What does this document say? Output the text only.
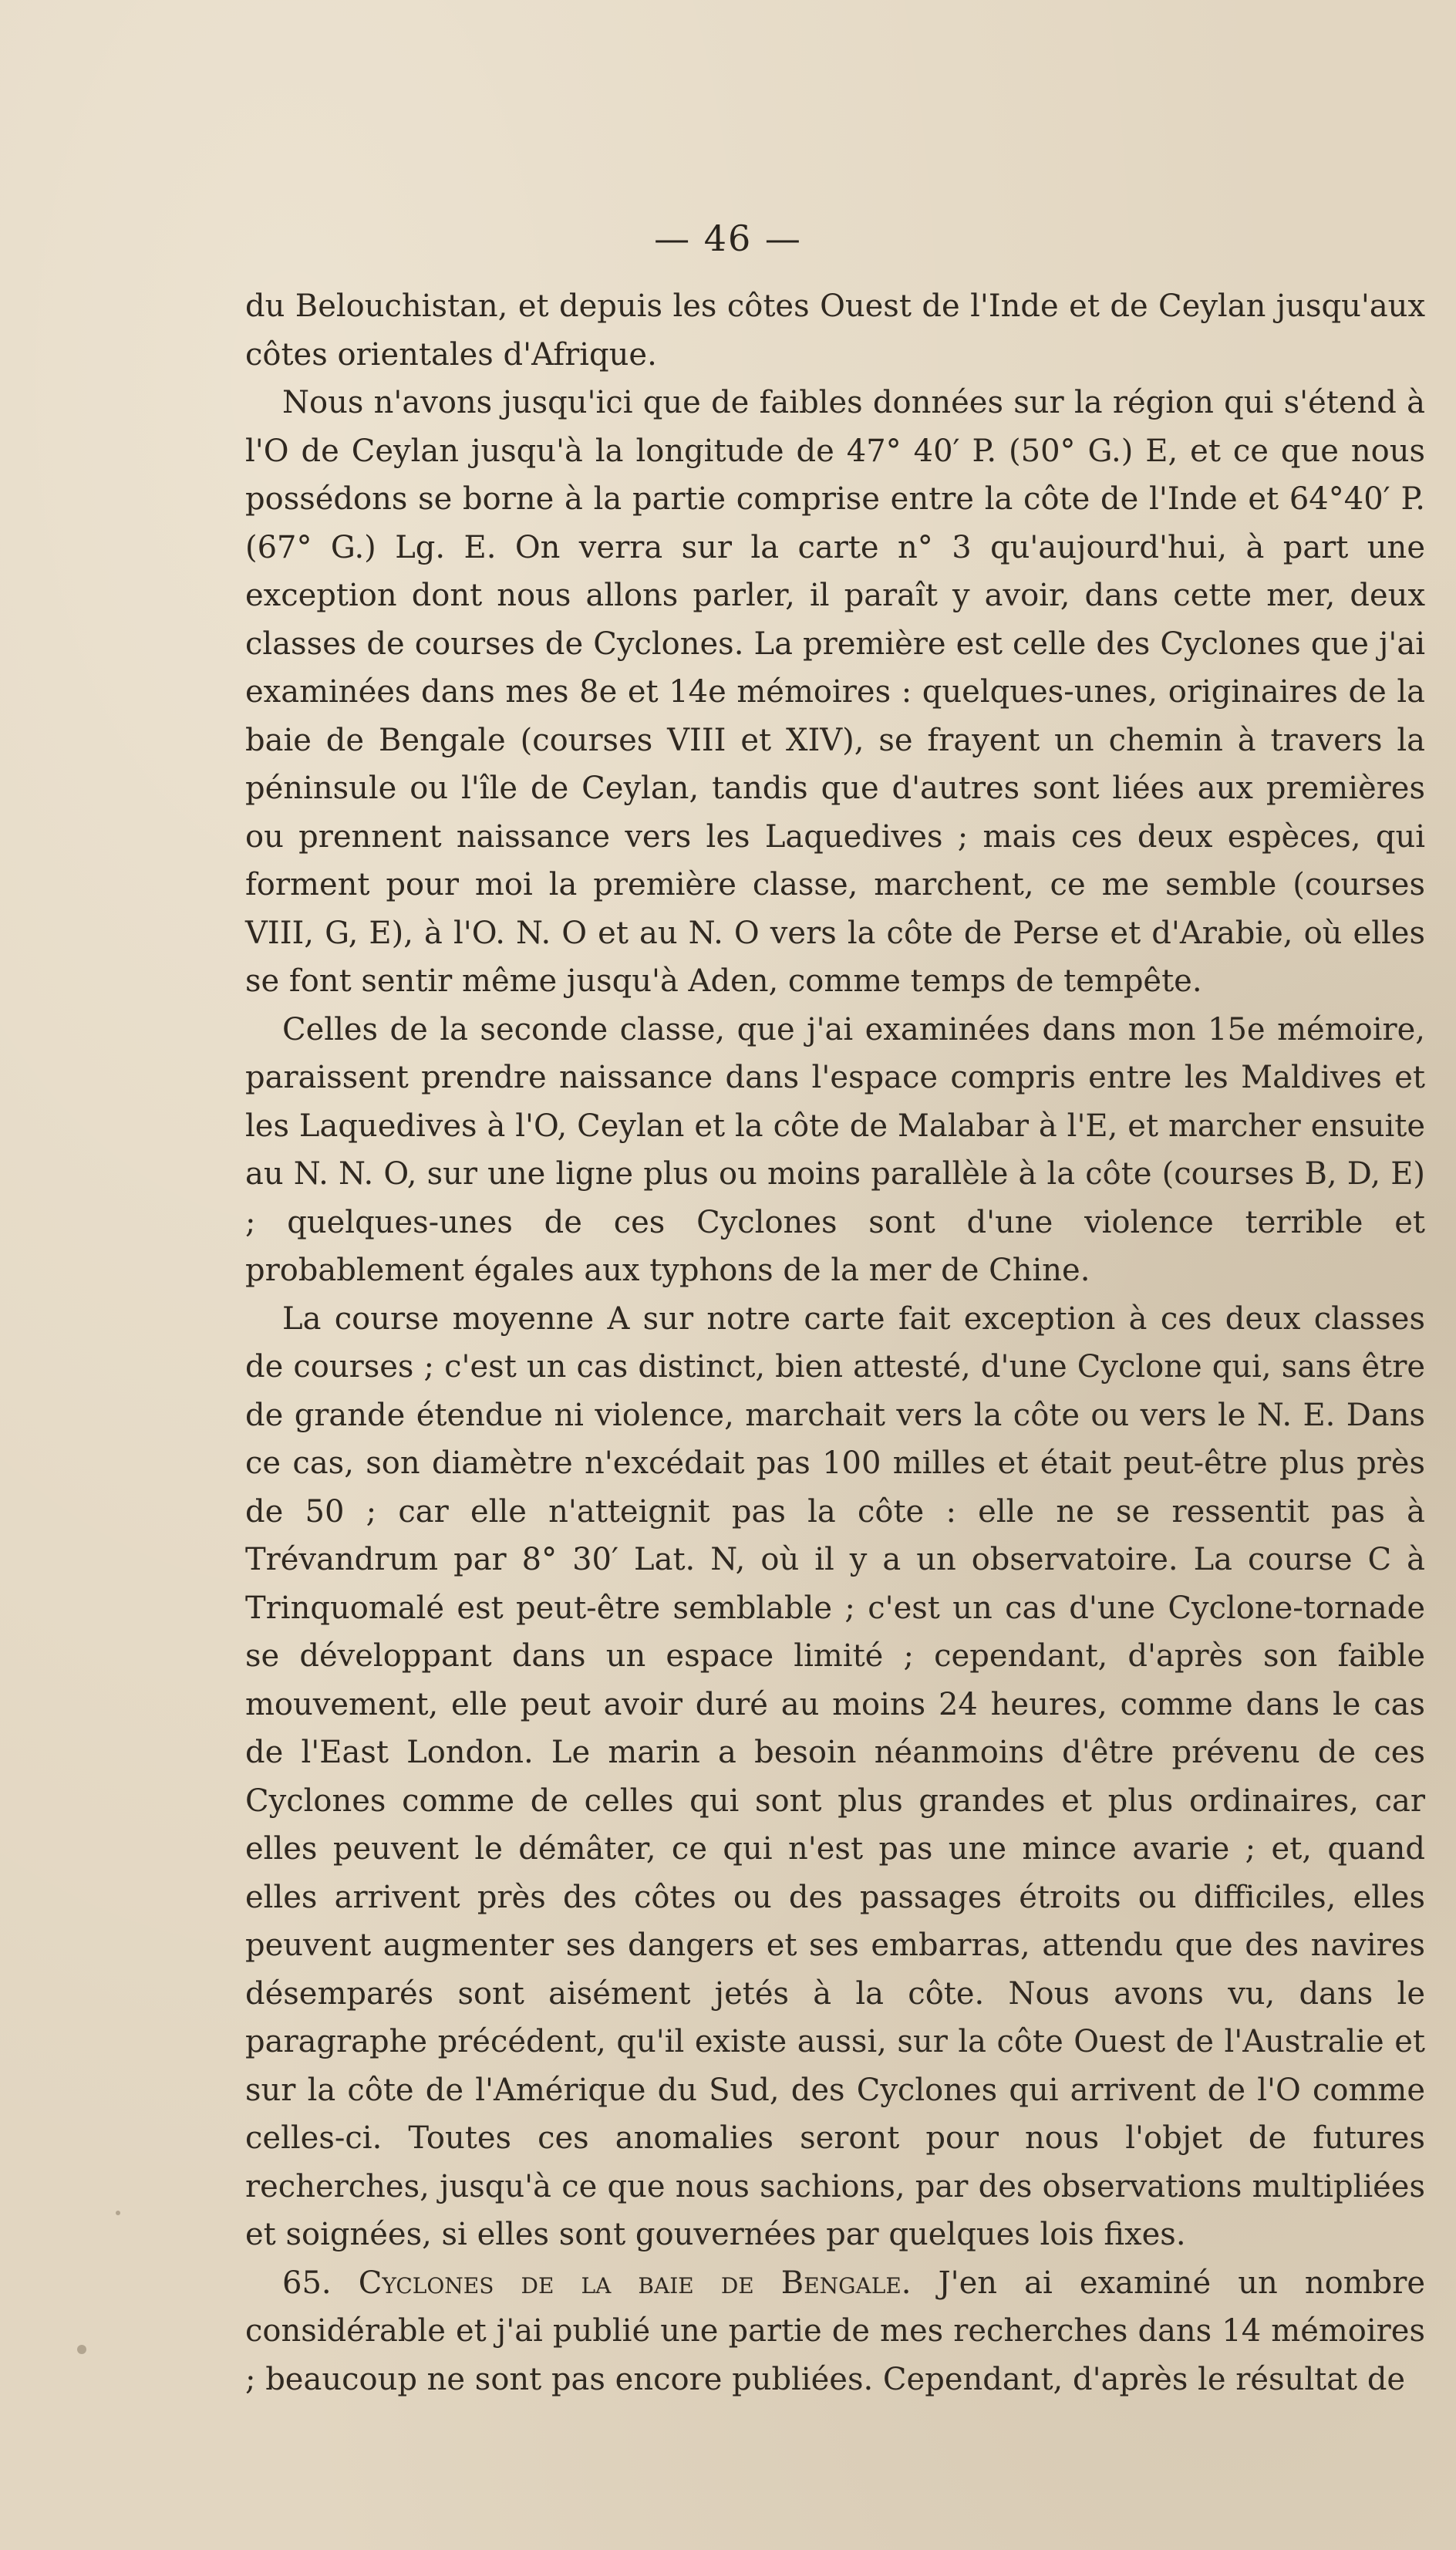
— 46 —

du Belouchistan, et depuis les côtes Ouest de l'Inde et de Ceylan jusqu'aux côtes orientales d'Afrique.

Nous n'avons jusqu'ici que de faibles données sur la région qui s'étend à l'O de Ceylan jusqu'à la longitude de 47° 40′ P. (50° G.) E, et ce que nous possédons se borne à la partie comprise entre la côte de l'Inde et 64°40′ P. (67° G.) Lg. E. On verra sur la carte n° 3 qu'aujourd'hui, à part une exception dont nous allons parler, il paraît y avoir, dans cette mer, deux classes de courses de Cyclones. La première est celle des Cyclones que j'ai examinées dans mes 8e et 14e mémoires : quelques-unes, originaires de la baie de Bengale (courses VIII et XIV), se frayent un chemin à travers la péninsule ou l'île de Ceylan, tandis que d'autres sont liées aux premières ou prennent naissance vers les Laquedives ; mais ces deux espèces, qui forment pour moi la première classe, marchent, ce me semble (courses VIII, G, E), à l'O. N. O et au N. O vers la côte de Perse et d'Arabie, où elles se font sentir même jusqu'à Aden, comme temps de tempête.

Celles de la seconde classe, que j'ai examinées dans mon 15e mémoire, paraissent prendre naissance dans l'espace compris entre les Maldives et les Laquedives à l'O, Ceylan et la côte de Malabar à l'E, et marcher ensuite au N. N. O, sur une ligne plus ou moins parallèle à la côte (courses B, D, E) ; quelques-unes de ces Cyclones sont d'une violence terrible et probablement égales aux typhons de la mer de Chine.

La course moyenne A sur notre carte fait exception à ces deux classes de courses ; c'est un cas distinct, bien attesté, d'une Cyclone qui, sans être de grande étendue ni violence, marchait vers la côte ou vers le N. E. Dans ce cas, son diamètre n'excédait pas 100 milles et était peut-être plus près de 50 ; car elle n'atteignit pas la côte : elle ne se ressentit pas à Trévandrum par 8° 30′ Lat. N, où il y a un observatoire. La course C à Trinquomalé est peut-être semblable ; c'est un cas d'une Cyclone-tornade se développant dans un espace limité ; cependant, d'après son faible mouvement, elle peut avoir duré au moins 24 heures, comme dans le cas de l'East London. Le marin a besoin néanmoins d'être prévenu de ces Cyclones comme de celles qui sont plus grandes et plus ordinaires, car elles peuvent le démâter, ce qui n'est pas une mince avarie ; et, quand elles arrivent près des côtes ou des passages étroits ou difficiles, elles peuvent augmenter ses dangers et ses embarras, attendu que des navires désemparés sont aisément jetés à la côte. Nous avons vu, dans le paragraphe précédent, qu'il existe aussi, sur la côte Ouest de l'Australie et sur la côte de l'Amérique du Sud, des Cyclones qui arrivent de l'O comme celles-ci. Toutes ces anomalies seront pour nous l'objet de futures recherches, jusqu'à ce que nous sachions, par des observations multipliées et soignées, si elles sont gouvernées par quelques lois fixes.

65. Cyclones de la baie de Bengale. J'en ai examiné un nombre considérable et j'ai publié une partie de mes recherches dans 14 mémoires ; beaucoup ne sont pas encore publiées. Cependant, d'après le résultat de
